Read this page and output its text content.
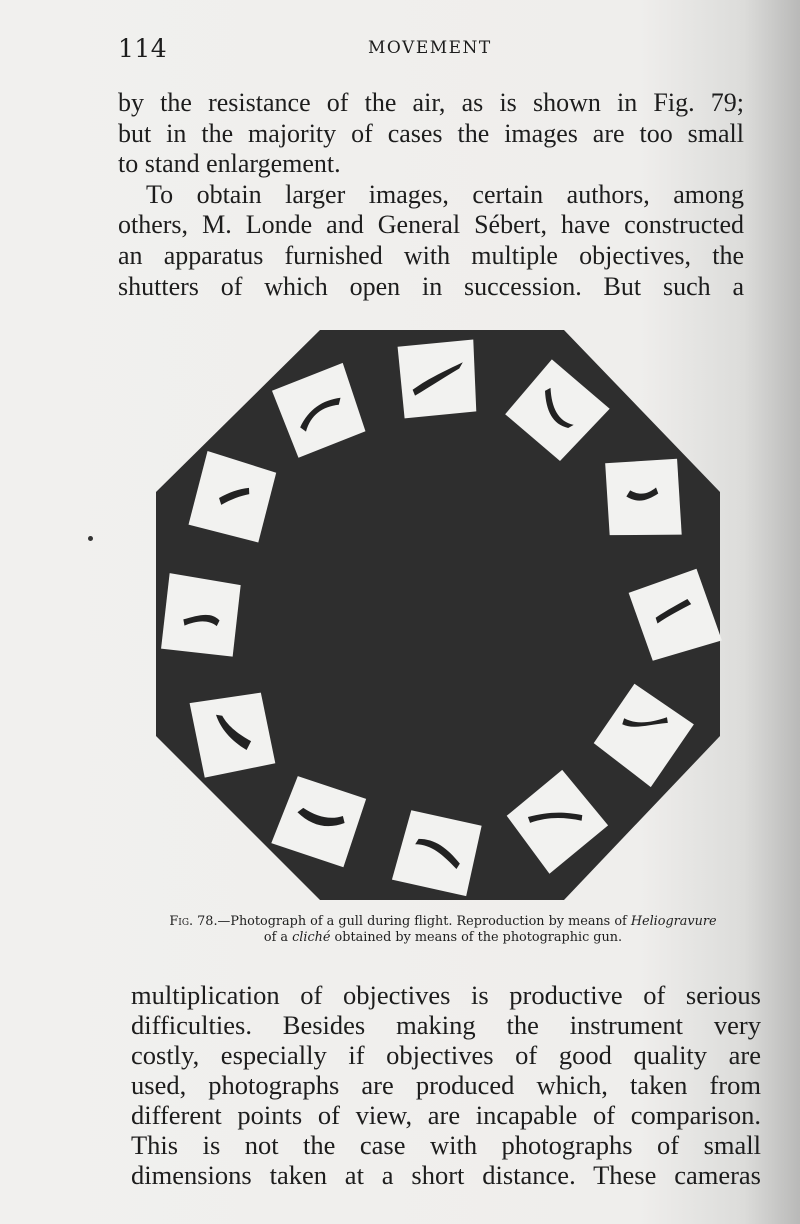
114	MOVEMENT

by the resistance of the air, as is shown in Fig. 79;
but in the majority of cases the images are too small
to stand enlargement.
To obtain larger images, certain authors, among
others, M. Londe and General Sébert, have constructed
an apparatus furnished with multiple objectives, the
shutters of which open in succession. But such a

Fig. 78.—Photograph of a gull during flight. Reproduction by means of Heliogravure
of a cliché obtained by means of the photographic gun.

multiplication of objectives is productive of serious
difficulties. Besides making the instrument very
costly, especially if objectives of good quality are
used, photographs are produced which, taken from
different points of view, are incapable of comparison.
This is not the case with photographs of small
dimensions taken at a short distance. These cameras
